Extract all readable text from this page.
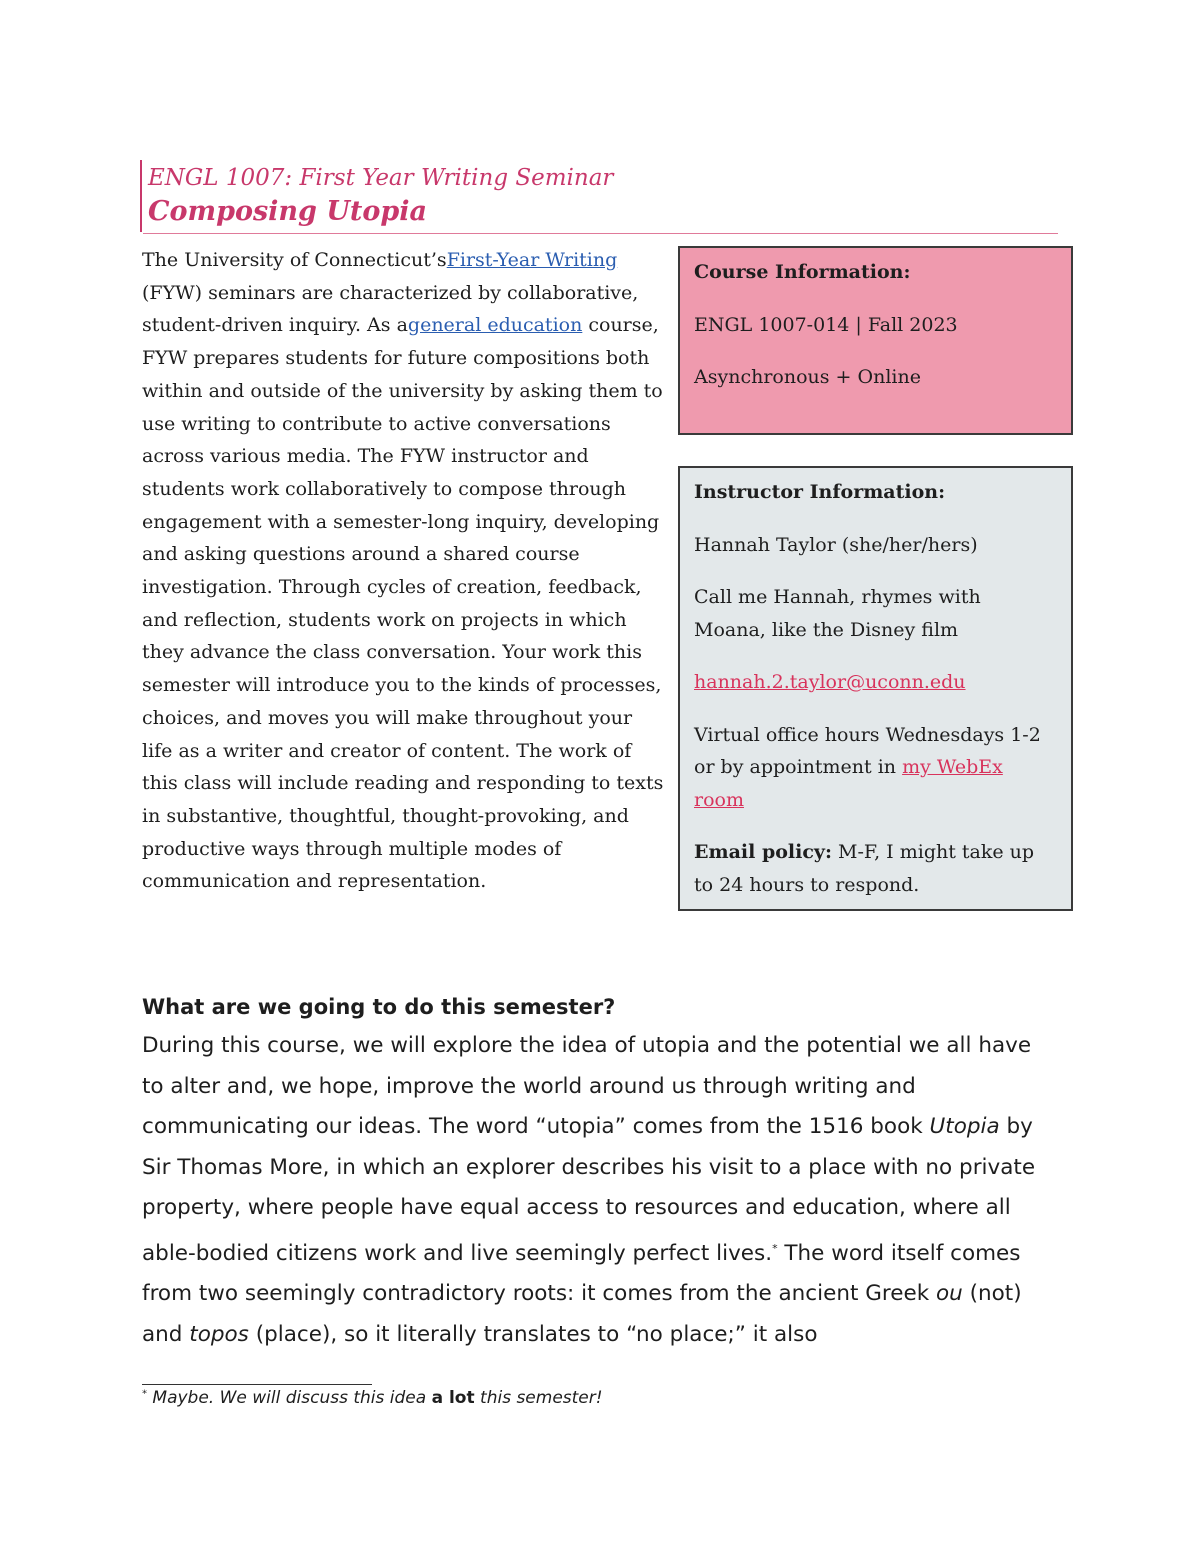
ENGL 1007: First Year Writing Seminar
Composing Utopia

The University of Connecticut’sFirst-Year Writing (FYW) seminars are characterized by collaborative, student-driven inquiry. As ageneral education course, FYW prepares students for future compositions both within and outside of the university by asking them to use writing to contribute to active conversations across various media. The FYW instructor and students work collaboratively to compose through engagement with a semester-long inquiry, developing and asking questions around a shared course investigation. Through cycles of creation, feedback, and reflection, students work on projects in which they advance the class conversation. Your work this semester will introduce you to the kinds of processes, choices, and moves you will make throughout your life as a writer and creator of content. The work of this class will include reading and responding to texts in substantive, thoughtful, thought-provoking, and productive ways through multiple modes of communication and representation.

Course Information:

ENGL 1007-014 | Fall 2023

Asynchronous + Online

Instructor Information:

Hannah Taylor (she/her/hers)

Call me Hannah, rhymes with Moana, like the Disney film

hannah.2.taylor@uconn.edu

Virtual office hours Wednesdays 1-2 or by appointment in my WebEx room

Email policy: M-F, I might take up to 24 hours to respond.

What are we going to do this semester?

During this course, we will explore the idea of utopia and the potential we all have to alter and, we hope, improve the world around us through writing and communicating our ideas. The word “utopia” comes from the 1516 book Utopia by Sir Thomas More, in which an explorer describes his visit to a place with no private property, where people have equal access to resources and education, where all able-bodied citizens work and live seemingly perfect lives.* The word itself comes from two seemingly contradictory roots: it comes from the ancient Greek ou (not) and topos (place), so it literally translates to “no place;” it also

* Maybe. We will discuss this idea a lot this semester!
